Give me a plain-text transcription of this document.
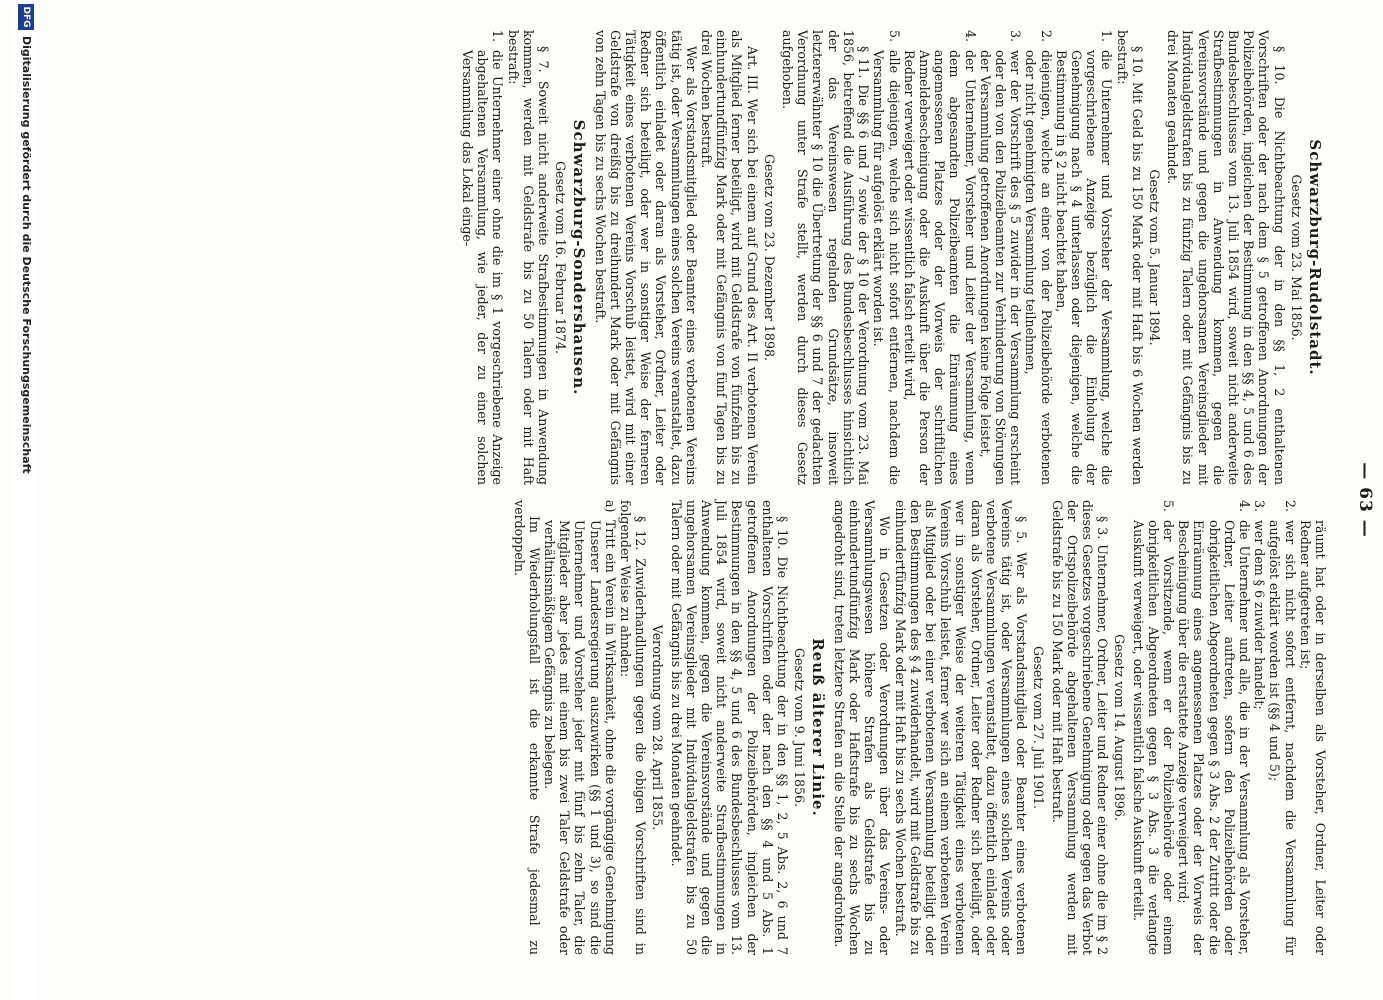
— 63 —
Schwarzburg-Rudolstadt.
Gesetz vom 23. Mai 1856.

§ 10. Die Nichtbeachtung der in den §§ 1, 2 enthaltenen Vorschriften oder der nach dem § 5 getroffenen Anordnungen der Polizeibehörden, ingleichen der Bestimmung in den §§ 4, 5 und 6 des Bundesbeschlusses vom 13. Juli 1854 wird, soweit nicht anderweite Strafbestimmungen in Anwendung kommen, gegen die Vereinsvorstände und gegen die ungehorsamen Vereinsglieder mit Individualgeldstrafen bis zu fünfzig Talern oder mit Gefängnis bis zu drei Monaten geahndet.

Gesetz vom 5. Januar 1894.

§ 10. Mit Geld bis zu 150 Mark oder mit Haft bis 6 Wochen werden bestraft:

1.
die Unternehmer und Vorsteher der Versammlung, welche die vorgeschriebene Anzeige bezüglich die Einholung der Genehmigung nach § 4 unterlassen oder diejenigen, welche die Bestimmung in § 2 nicht beachtet haben,

2.
diejenigen, welche an einer von der Polizeibehörde verbotenen oder nicht genehmigten Versammlung teilnehmen,

3.
wer der Vorschrift des § 5 zuwider in der Versammlung erscheint oder den von den Polizeibeamten zur Verhinderung von Störungen der Versammlung getroffenen Anordnungen keine Folge leistet,

4.
der Unternehmer, Vorsteher und Leiter der Versammlung, wenn dem abgesandten Polizeibeamten die Einräumung eines angemessenen Platzes oder der Vorweis der schriftlichen Anmeldebescheinigung oder die Auskunft über die Person der Redner verweigert oder wissentlich falsch erteilt wird,

5.
alle diejenigen, welche sich nicht sofort entfernen, nachdem die Versammlung für aufgelöst erklärt worden ist.

§ 11. Die §§ 6 und 7 sowie der § 10 der Verordnung vom 23. Mai 1856, betreffend die Ausführung des Bundesbeschlusses hinsichtlich der das Vereinswesen regelnden Grundsätze, insoweit letztererwähnter § 10 die Übertretung der §§ 6 und 7 der gedachten Verordnung unter Strafe stellt, werden durch dieses Gesetz aufgehoben.

Gesetz vom 23. Dezember 1898.

Art. III. Wer sich bei einem auf Grund des Art. II verbotenen Verein als Mitglied ferner beteiligt, wird mit Geldstrafe von fünfzehn bis zu einhundertundfünfzig Mark oder mit Gefängnis von fünf Tagen bis zu drei Wochen bestraft.

Wer als Vorstandsmitglied oder Beamter eines verbotenen Vereins tätig ist, oder Versammlungen eines solchen Vereins veranstaltet, dazu öffentlich einladet oder daran als Vorsteher, Ordner, Leiter oder Redner sich beteiligt, oder wer in sonstiger Weise der ferneren Tätigkeit eines verbotenen Vereins Vorschub leistet, wird mit einer Geldstrafe von dreißig bis zu dreihundert Mark oder mit Gefängnis von zehn Tagen bis zu sechs Wochen bestraft.

Schwarzburg-Sondershausen.
Gesetz vom 16. Februar 1874.

§ 7. Soweit nicht anderweite Strafbestimmungen in Anwendung kommen, werden mit Geldstrafe bis zu 50 Talern oder mit Haft bestraft:

1.
die Unternehmer einer ohne die im § 1 vorgeschriebene Anzeige abgehaltenen Versammlung, wie jeder, der zu einer solchen Versammlung das Lokal einge-

räumt hat oder in derselben als Vorsteher, Ordner, Leiter oder Redner aufgetreten ist;

2.
wer sich nicht sofort entfernt, nachdem die Versammlung für aufgelöst erklärt worden ist (§§ 4 und 5);

3.
wer dem § 6 zuwider handelt;

4.
die Unternehmer und alle, die in der Versammlung als Vorsteher, Ordner, Leiter auftreten, sofern den Polizeibehörden oder obrigkeitlichen Abgeordneten gegen § 3 Abs. 2 der Zutritt oder die Einräumung eines angemessenen Platzes oder der Vorweis der Bescheinigung über die erstattete Anzeige verweigert wird;

5.
der Vorsitzende, wenn er der Polizeibehörde oder einem obrigkeitlichen Abgeordneten gegen § 3 Abs. 3 die verlangte Auskunft verweigert, oder wissentlich falsche Auskunft erteilt.

Gesetz vom 14. August 1896.

§ 3. Unternehmer, Ordner, Leiter und Redner einer ohne die im § 2 dieses Gesetzes vorgeschriebene Genehmigung oder gegen das Verbot der Ortspolizeibehörde abgehaltenen Versammlung werden mit Geldstrafe bis zu 150 Mark oder mit Haft bestraft.

Gesetz vom 27. Juli 1901.

§ 5. Wer als Vorstandsmitglied oder Beamter eines verbotenen Vereins tätig ist, oder Versammlungen eines solchen Vereins oder verbotene Versammlungen veranstaltet, dazu öffentlich einladet oder daran als Vorsteher, Ordner, Leiter oder Redner sich beteiligt, oder wer in sonstiger Weise der weiteren Tätigkeit eines verbotenen Vereins Vorschub leistet, ferner wer sich an einem verbotenen Verein als Mitglied oder bei einer verbotenen Versammlung beteiligt oder den Bestimmungen des § 4 zuwiderhandelt, wird mit Geldstrafe bis zu einhundertfünfzig Mark oder mit Haft bis zu sechs Wochen bestraft.

Wo in Gesetzen oder Verordnungen über das Vereins- oder Versammlungswesen höhere Strafen als Geldstrafe bis zu einhundertundfünfzig Mark oder Haftstrafe bis zu sechs Wochen angedroht sind, treten letztere Strafen an die Stelle der angedrohten.

Reuß älterer Linie.
Gesetz vom 9. Juni 1856.

§ 10. Die Nichtbeachtung der in den §§ 1, 2, 5 Abs. 2, 6 und 7 enthaltenen Vorschriften oder der nach den §§ 4 und 5 Abs. 1 getroffenen Anordnungen der Polizeibehörden, ingleichen der Bestimmungen in den §§ 4, 5 und 6 des Bundesbeschlusses vom 13. Juli 1854 wird, soweit nicht anderweite Strafbestimmungen in Anwendung kommen, gegen die Vereinsvorstände und gegen die ungehorsamen Vereinsglieder mit Individualgeldstrafen bis zu 50 Talern oder mit Gefängnis bis zu drei Monaten geahndet.

Verordnung vom 28. April 1855.

§ 12. Zuwiderhandlungen gegen die obigen Vorschriften sind in folgender Weise zu ahnden:

a)
Tritt ein Verein in Wirksamkeit, ohne die vorgängige Genehmigung Unserer Landesregierung auszuwirken (§§ 1 und 3), so sind die Unternehmer und Vorsteher jeder mit fünf bis zehn Taler, die Mitglieder aber jedes mit einem bis zwei Taler Geldstrafe oder verhältnismäßigem Gefängnis zu belegen.

Im Wiederholungsfall ist die erkannte Strafe jedesmal zu verdoppeln.

DFG
Digitalisierung gefördert durch die Deutsche Forschungsgemeinschaft
